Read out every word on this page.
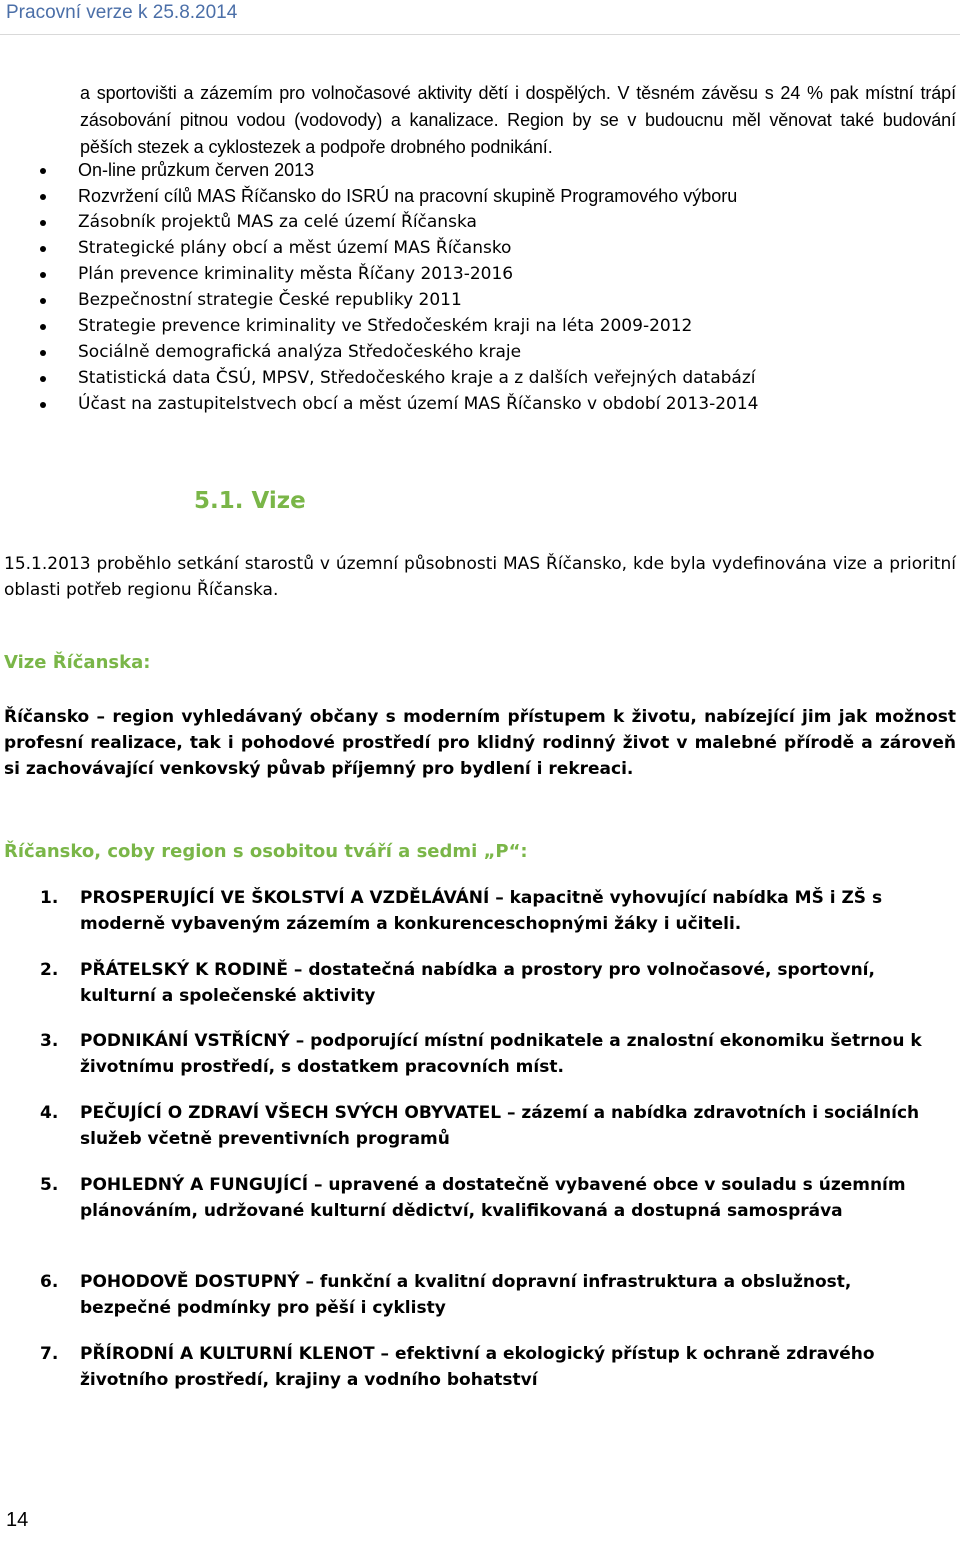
Pracovní verze k 25.8.2014
a sportovišti a zázemím pro volnočasové aktivity dětí i dospělých. V těsném závěsu s 24 % pak místní trápí zásobování pitnou vodou (vodovody) a kanalizace. Region by se v budoucnu měl věnovat také budování pěších stezek a cyklostezek a podpoře drobného podnikání.
On-line průzkum červen 2013
Rozvržení cílů MAS Říčansko do ISRÚ na pracovní skupině Programového výboru
Zásobník projektů MAS za celé území Říčanska
Strategické plány obcí a měst území MAS Říčansko
Plán prevence kriminality města Říčany 2013-2016
Bezpečnostní strategie České republiky 2011
Strategie prevence kriminality ve Středočeském kraji na léta 2009-2012
Sociálně demografická analýza Středočeského kraje
Statistická data ČSÚ, MPSV, Středočeského kraje a z dalších veřejných databází
Účast na zastupitelstvech obcí a měst území MAS Říčansko v období 2013-2014
5.1. Vize
15.1.2013 proběhlo setkání starostů v územní působnosti MAS Říčansko, kde byla vydefinována vize a prioritní oblasti potřeb regionu Říčanska.
Vize Říčanska:
Říčansko – region vyhledávaný občany s moderním přístupem k životu, nabízející jim jak možnost profesní realizace, tak i pohodové prostředí pro klidný rodinný život v malebné přírodě a zároveň si zachovávající venkovský půvab příjemný pro bydlení i rekreaci.
Říčansko, coby region s osobitou tváří a sedmi „P“:
1. PROSPERUJÍCÍ VE ŠKOLSTVÍ A VZDĚLÁVÁNÍ – kapacitně vyhovující nabídka MŠ i ZŠ s moderně vybaveným zázemím a konkurenceschopnými žáky i učiteli.
2. PŘÁTELSKÝ K RODINĚ – dostatečná nabídka a prostory pro volnočasové, sportovní, kulturní a společenské aktivity
3. PODNIKÁNÍ VSTŘÍCNÝ – podporující místní podnikatele a znalostní ekonomiku šetrnou k životnímu prostředí, s dostatkem pracovních míst.
4. PEČUJÍCÍ O ZDRAVÍ VŠECH SVÝCH OBYVATEL – zázemí a nabídka zdravotních i sociálních služeb včetně preventivních programů
5. POHLEDNÝ A FUNGUJÍCÍ – upravené a dostatečně vybavené obce v souladu s územním plánováním, udržované kulturní dědictví, kvalifikovaná a dostupná samospráva
6. POHODOVĚ DOSTUPNÝ – funkční a kvalitní dopravní infrastruktura a obslužnost, bezpečné podmínky pro pěší i cyklisty
7. PŘÍRODNÍ A KULTURNÍ KLENOT – efektivní a ekologický přístup k ochraně zdravého životního prostředí, krajiny a vodního bohatství
14
